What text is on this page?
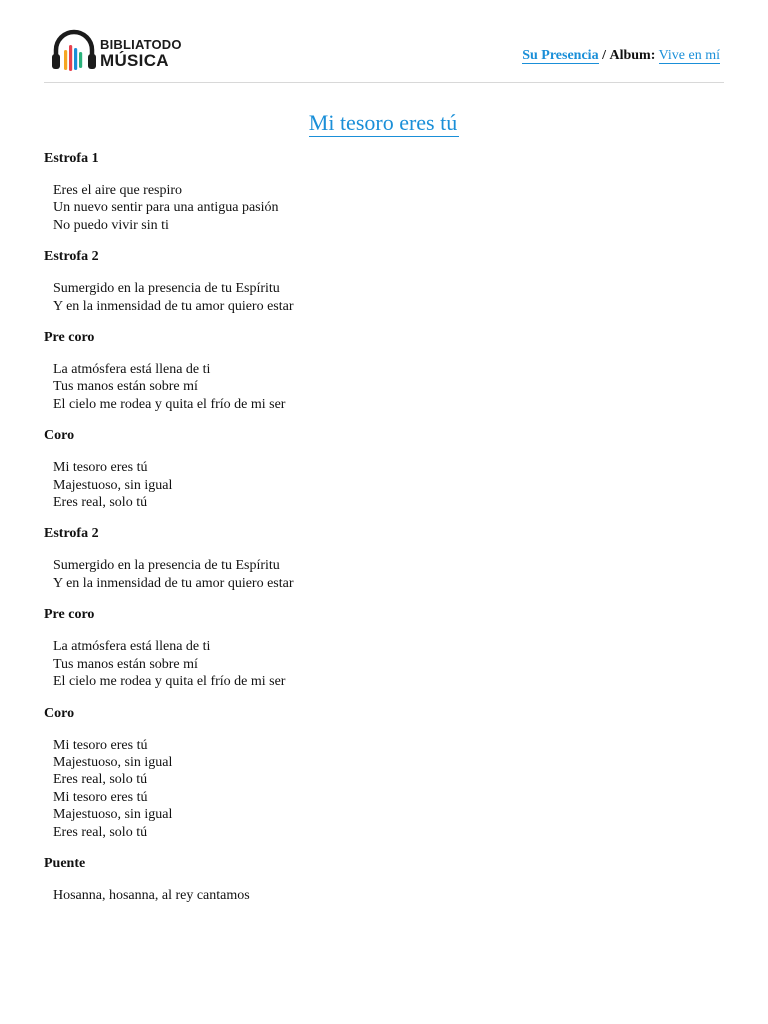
BIBLIATODO
MÚSICA	Su Presencia / Album: Vive en mí
Mi tesoro eres tú
Estrofa 1
Eres el aire que respiro
Un nuevo sentir para una antigua pasión
No puedo vivir sin ti
Estrofa 2
Sumergido en la presencia de tu Espíritu
Y en la inmensidad de tu amor quiero estar
Pre coro
La atmósfera está llena de ti
Tus manos están sobre mí
El cielo me rodea y quita el frío de mi ser
Coro
Mi tesoro eres tú
Majestuoso, sin igual
Eres real, solo tú
Estrofa 2
Sumergido en la presencia de tu Espíritu
Y en la inmensidad de tu amor quiero estar
Pre coro
La atmósfera está llena de ti
Tus manos están sobre mí
El cielo me rodea y quita el frío de mi ser
Coro
Mi tesoro eres tú
Majestuoso, sin igual
Eres real, solo tú
Mi tesoro eres tú
Majestuoso, sin igual
Eres real, solo tú
Puente
Hosanna, hosanna, al rey cantamos
